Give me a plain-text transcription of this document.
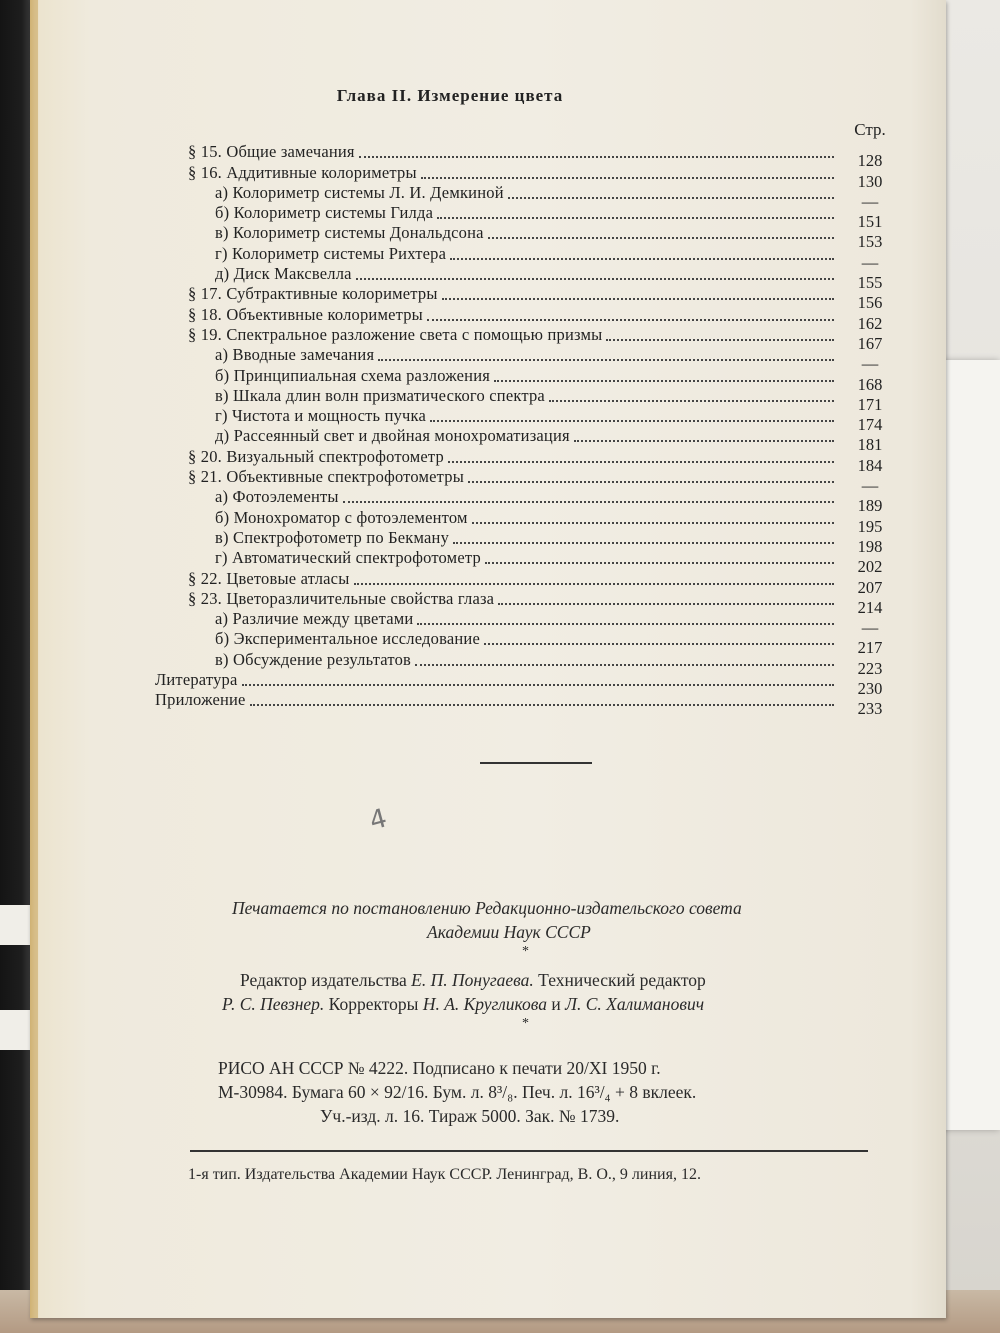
Глава II. Измерение цвета
Стр.
§ 15. Общие замечания	128
§ 16. Аддитивные колориметры	130
а) Колориметр системы Л. И. Демкиной	—
б) Колориметр системы Гилда	151
в) Колориметр системы Дональдсона	153
г) Колориметр системы Рихтера	—
д) Диск Максвелла	155
§ 17. Субтрактивные колориметры	156
§ 18. Объективные колориметры	162
§ 19. Спектральное разложение света с помощью призмы	167
а) Вводные замечания	—
б) Принципиальная схема разложения	168
в) Шкала длин волн призматического спектра	171
г) Чистота и мощность пучка	174
д) Рассеянный свет и двойная монохроматизация	181
§ 20. Визуальный спектрофотометр	184
§ 21. Объективные спектрофотометры	—
а) Фотоэлементы	189
б) Монохроматор с фотоэлементом	195
в) Спектрофотометр по Бекману	198
г) Автоматический спектрофотометр	202
§ 22. Цветовые атласы	207
§ 23. Цветоразличительные свойства глаза	214
а) Различие между цветами	—
б) Экспериментальное исследование	217
в) Обсуждение результатов	223
Литература	230
Приложение	233
4
Печатается по постановлению Редакционно-издательского совета
Академии Наук СССР
*
Редактор издательства Е. П. Понугаева. Технический редактор
Р. С. Певзнер. Корректоры Н. А. Кругликова и Л. С. Халиманович
*
РИСО АН СССР № 4222. Подписано к печати 20/XI 1950 г.
М-30984. Бумага 60 × 92/16. Бум. л. 8³/₈. Печ. л. 16³/₄ + 8 вклеек.
Уч.-изд. л. 16. Тираж 5000. Зак. № 1739.
1-я тип. Издательства Академии Наук СССР. Ленинград, В. О., 9 линия, 12.
